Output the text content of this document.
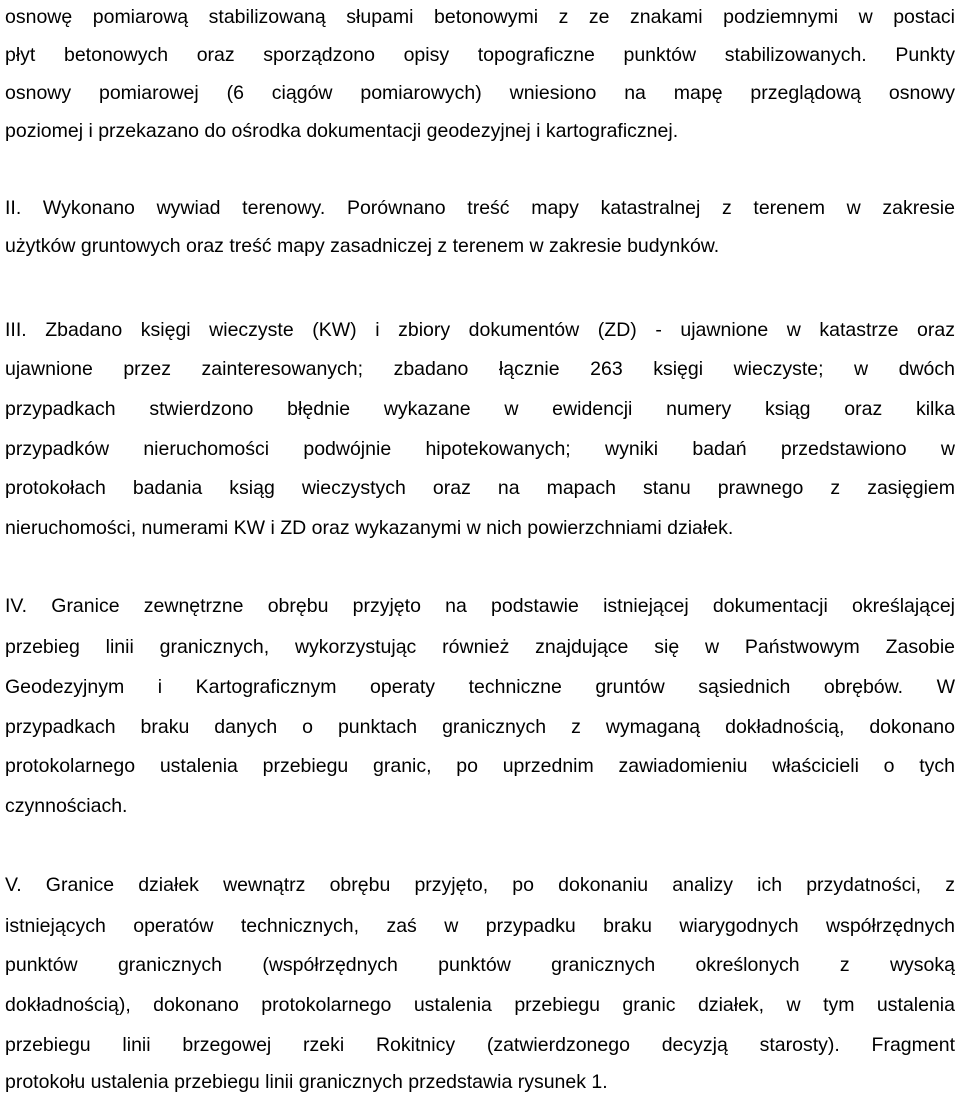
osnowę pomiarową stabilizowaną słupami betonowymi z ze znakami podziemnymi w postaci
płyt betonowych oraz sporządzono opisy topograficzne punktów stabilizowanych. Punkty
osnowy pomiarowej (6 ciągów pomiarowych) wniesiono na mapę przeglądową osnowy
poziomej i przekazano do ośrodka dokumentacji geodezyjnej i kartograficznej.
II. Wykonano wywiad terenowy. Porównano treść mapy katastralnej z terenem w zakresie
użytków gruntowych oraz treść mapy zasadniczej z terenem w zakresie budynków.
III. Zbadano księgi wieczyste (KW) i zbiory dokumentów (ZD) - ujawnione w katastrze oraz
ujawnione przez zainteresowanych; zbadano łącznie 263 księgi wieczyste; w dwóch
przypadkach stwierdzono błędnie wykazane w ewidencji numery ksiąg oraz kilka
przypadków nieruchomości podwójnie hipotekowanych; wyniki badań przedstawiono w
protokołach badania ksiąg wieczystych oraz na mapach stanu prawnego z zasięgiem
nieruchomości, numerami KW i ZD oraz wykazanymi w nich powierzchniami działek.
IV. Granice zewnętrzne obrębu przyjęto na podstawie istniejącej dokumentacji określającej
przebieg linii granicznych, wykorzystując również znajdujące się w Państwowym Zasobie
Geodezyjnym i Kartograficznym operaty techniczne gruntów sąsiednich obrębów. W
przypadkach braku danych o punktach granicznych z wymaganą dokładnością, dokonano
protokolarnego ustalenia przebiegu granic, po uprzednim zawiadomieniu właścicieli o tych
czynnościach.
V. Granice działek wewnątrz obrębu przyjęto, po dokonaniu analizy ich przydatności, z
istniejących operatów technicznych, zaś w przypadku braku wiarygodnych współrzędnych
punktów granicznych (współrzędnych punktów granicznych określonych z wysoką
dokładnością), dokonano protokolarnego ustalenia przebiegu granic działek, w tym ustalenia
przebiegu linii brzegowej rzeki Rokitnicy (zatwierdzonego decyzją starosty). Fragment
protokołu ustalenia przebiegu linii granicznych przedstawia rysunek 1.
